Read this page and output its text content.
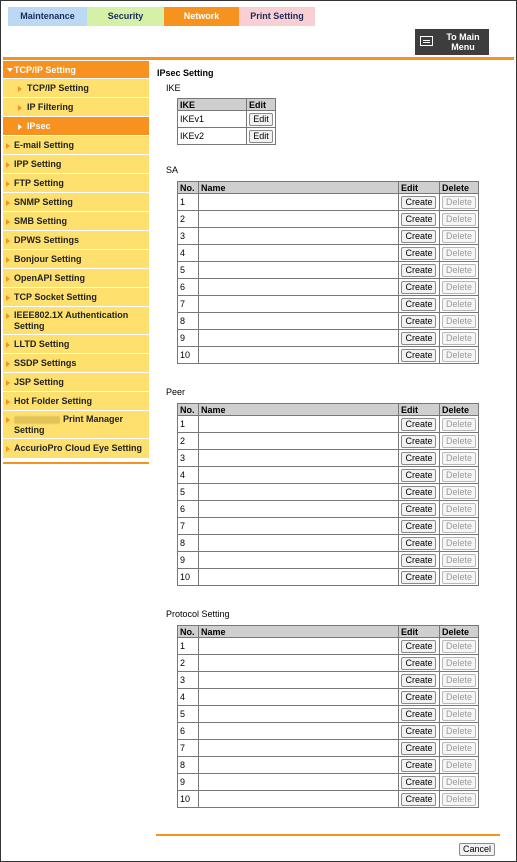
Maintenance	Security	Network	Print Setting
To Main
Menu
TCP/IP Setting
TCP/IP Setting
IP Filtering
IPsec
E-mail Setting
IPP Setting
FTP Setting
SNMP Setting
SMB Setting
DPWS Settings
Bonjour Setting
OpenAPI Setting
TCP Socket Setting
IEEE802.1X Authentication
Setting
LLTD Setting
SSDP Settings
JSP Setting
Hot Folder Setting
Print Manager
Setting
AccurioPro Cloud Eye Setting
IPsec Setting
IKE
IKE	Edit
IKEv1	Edit
IKEv2	Edit
SA
No.	Name	Edit	Delete
1		Create	Delete
2		Create	Delete
3		Create	Delete
4		Create	Delete
5		Create	Delete
6		Create	Delete
7		Create	Delete
8		Create	Delete
9		Create	Delete
10		Create	Delete
Peer
No.	Name	Edit	Delete
1		Create	Delete
2		Create	Delete
3		Create	Delete
4		Create	Delete
5		Create	Delete
6		Create	Delete
7		Create	Delete
8		Create	Delete
9		Create	Delete
10		Create	Delete
Protocol Setting
No.	Name	Edit	Delete
1		Create	Delete
2		Create	Delete
3		Create	Delete
4		Create	Delete
5		Create	Delete
6		Create	Delete
7		Create	Delete
8		Create	Delete
9		Create	Delete
10		Create	Delete
Cancel
